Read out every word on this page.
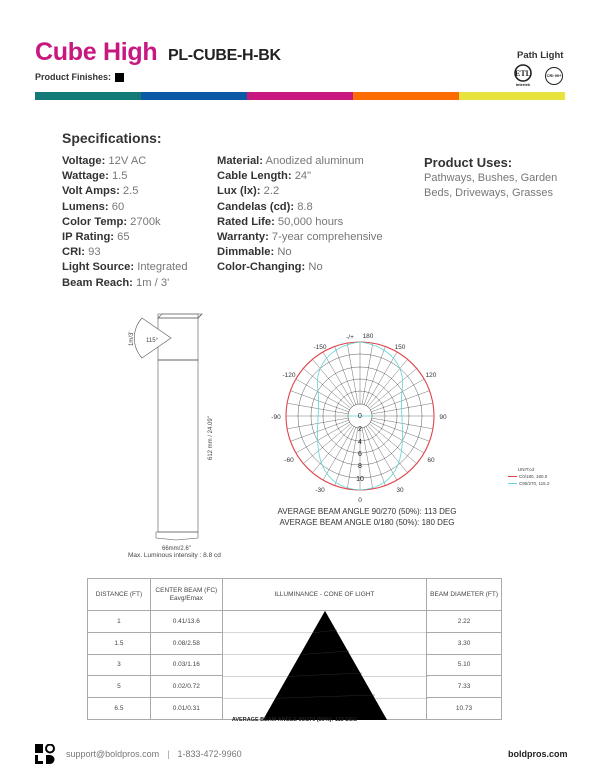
Cube High PL-CUBE-H-BK
Product Finishes:
Path Light
ETL
Intertek
CRI 90+
Specifications:
Voltage: 12V AC
Wattage: 1.5
Volt Amps: 2.5
Lumens: 60
Color Temp: 2700k
IP Rating: 65
CRI: 93
Light Source: Integrated
Beam Reach: 1m / 3'
Material: Anodized aluminum
Cable Length: 24"
Lux (lx): 2.2
Candelas (cd): 8.8
Rated Life: 50,000 hours
Warranty: 7-year comprehensive
Dimmable: No
Color-Changing: No
Product Uses:
Pathways, Bushes, Garden Beds, Driveways, Grasses
115°
1m/3'
612 mm / 24.09"
66mm/2.6"
Max. Luminous intensity : 8.8 cd
0
2
4
6
8
10
-/+ 180
150
120
90
60
30
0
-30
-60
-90
-120
-150
UNIT:cd
C0/180, 180.0
C90/270, 115.2
AVERAGE BEAM ANGLE 90/270 (50%): 113 DEG
AVERAGE BEAM ANGLE 0/180 (50%): 180 DEG
DISTANCE (FT)	CENTER BEAM (FC)
Eavg/Emax	ILLUMINANCE - CONE OF LIGHT	BEAM DIAMETER (FT)
1	0.41/13.6		2.22
1.5	0.08/2.58		3.30
3	0.03/1.16		5.10
5	0.02/0.72		7.33
6.5	0.01/0.31		10.73
AVERAGE BEAM ANGLE 90/270 (50%): 113 DEG
support@boldpros.com | 1-833-472-9960	boldpros.com
